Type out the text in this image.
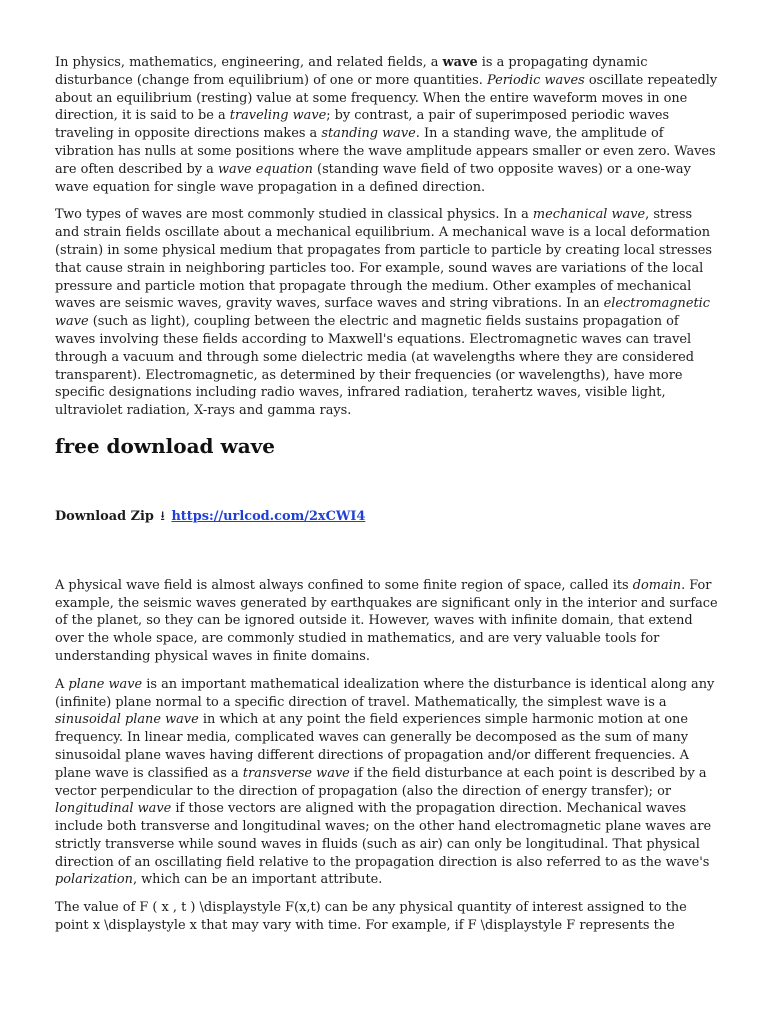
In physics, mathematics, engineering, and related fields, a wave is a propagating dynamic disturbance (change from equilibrium) of one or more quantities. Periodic waves oscillate repeatedly about an equilibrium (resting) value at some frequency. When the entire waveform moves in one direction, it is said to be a traveling wave; by contrast, a pair of superimposed periodic waves traveling in opposite directions makes a standing wave. In a standing wave, the amplitude of vibration has nulls at some positions where the wave amplitude appears smaller or even zero. Waves are often described by a wave equation (standing wave field of two opposite waves) or a one-way wave equation for single wave propagation in a defined direction.

Two types of waves are most commonly studied in classical physics. In a mechanical wave, stress and strain fields oscillate about a mechanical equilibrium. A mechanical wave is a local deformation (strain) in some physical medium that propagates from particle to particle by creating local stresses that cause strain in neighboring particles too. For example, sound waves are variations of the local pressure and particle motion that propagate through the medium. Other examples of mechanical waves are seismic waves, gravity waves, surface waves and string vibrations. In an electromagnetic wave (such as light), coupling between the electric and magnetic fields sustains propagation of waves involving these fields according to Maxwell's equations. Electromagnetic waves can travel through a vacuum and through some dielectric media (at wavelengths where they are considered transparent). Electromagnetic, as determined by their frequencies (or wavelengths), have more specific designations including radio waves, infrared radiation, terahertz waves, visible light, ultraviolet radiation, X-rays and gamma rays.

free download wave

Download Zip ⭳ https://urlcod.com/2xCWI4

A physical wave field is almost always confined to some finite region of space, called its domain. For example, the seismic waves generated by earthquakes are significant only in the interior and surface of the planet, so they can be ignored outside it. However, waves with infinite domain, that extend over the whole space, are commonly studied in mathematics, and are very valuable tools for understanding physical waves in finite domains.

A plane wave is an important mathematical idealization where the disturbance is identical along any (infinite) plane normal to a specific direction of travel. Mathematically, the simplest wave is a sinusoidal plane wave in which at any point the field experiences simple harmonic motion at one frequency. In linear media, complicated waves can generally be decomposed as the sum of many sinusoidal plane waves having different directions of propagation and/or different frequencies. A plane wave is classified as a transverse wave if the field disturbance at each point is described by a vector perpendicular to the direction of propagation (also the direction of energy transfer); or longitudinal wave if those vectors are aligned with the propagation direction. Mechanical waves include both transverse and longitudinal waves; on the other hand electromagnetic plane waves are strictly transverse while sound waves in fluids (such as air) can only be longitudinal. That physical direction of an oscillating field relative to the propagation direction is also referred to as the wave's polarization, which can be an important attribute.

The value of F ( x , t ) \displaystyle F(x,t) can be any physical quantity of interest assigned to the point x \displaystyle x that may vary with time. For example, if F \displaystyle F represents the
